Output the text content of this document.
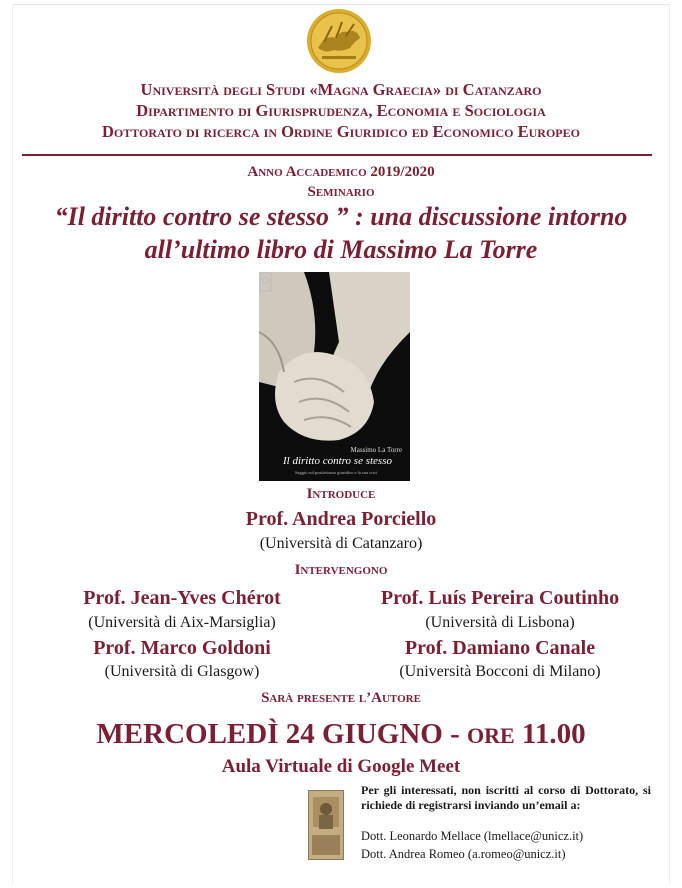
Università degli Studi «Magna Graecia» di Catanzaro
Dipartimento di Giurisprudenza, Economia e Sociologia
Dottorato di ricerca in Ordine Giuridico ed Economico Europeo
Anno Accademico 2019/2020
Seminario
“Il diritto contro se stesso ” : una discussione intorno
all’ultimo libro di Massimo La Torre
Massimo La Torre
Il diritto contro se stesso
Saggio sul positivismo giuridico e la sua crisi
Introduce
Prof. Andrea Porciello
(Università di Catanzaro)
Intervengono
Prof. Jean-Yves Chérot
(Università di Aix-Marsiglia)
Prof. Luís Pereira Coutinho
(Università di Lisbona)
Prof. Marco Goldoni
(Università di Glasgow)
Prof. Damiano Canale
(Università Bocconi di Milano)
Sarà presente l’Autore
MERCOLEDÌ 24 GIUGNO - ORE 11.00
Aula Virtuale di Google Meet
Per gli interessati, non iscritti al corso di Dottorato, si richiede di registrarsi inviando un’email a:
Dott. Leonardo Mellace (lmellace@unicz.it)
Dott. Andrea Romeo (a.romeo@unicz.it)
